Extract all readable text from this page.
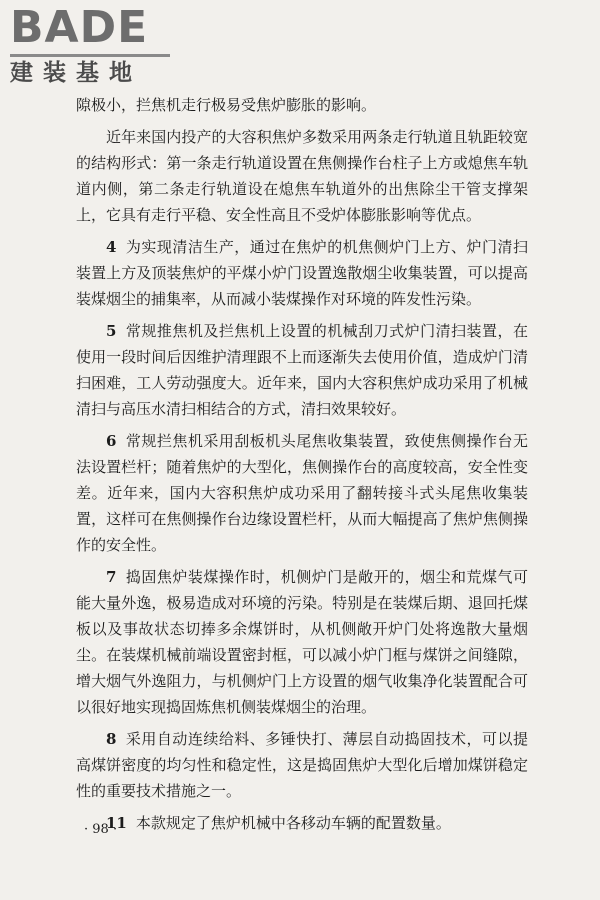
BADE
建装基地

隙极小，拦焦机走行极易受焦炉膨胀的影响。

近年来国内投产的大容积焦炉多数采用两条走行轨道且轨距较宽的结构形式：第一条走行轨道设置在焦侧操作台柱子上方或熄焦车轨道内侧，第二条走行轨道设在熄焦车轨道外的出焦除尘干管支撑架上，它具有走行平稳、安全性高且不受炉体膨胀影响等优点。

4 为实现清洁生产，通过在焦炉的机焦侧炉门上方、炉门清扫装置上方及顶装焦炉的平煤小炉门设置逸散烟尘收集装置，可以提高装煤烟尘的捕集率，从而减小装煤操作对环境的阵发性污染。

5 常规推焦机及拦焦机上设置的机械刮刀式炉门清扫装置，在使用一段时间后因维护清理跟不上而逐渐失去使用价值，造成炉门清扫困难，工人劳动强度大。近年来，国内大容积焦炉成功采用了机械清扫与高压水清扫相结合的方式，清扫效果较好。

6 常规拦焦机采用刮板机头尾焦收集装置，致使焦侧操作台无法设置栏杆；随着焦炉的大型化，焦侧操作台的高度较高，安全性变差。近年来，国内大容积焦炉成功采用了翻转接斗式头尾焦收集装置，这样可在焦侧操作台边缘设置栏杆，从而大幅提高了焦炉焦侧操作的安全性。

7 捣固焦炉装煤操作时，机侧炉门是敞开的，烟尘和荒煤气可能大量外逸，极易造成对环境的污染。特别是在装煤后期、退回托煤板以及事故状态切捧多余煤饼时，从机侧敞开炉门处将逸散大量烟尘。在装煤机械前端设置密封框，可以减小炉门框与煤饼之间缝隙，增大烟气外逸阻力，与机侧炉门上方设置的烟气收集净化装置配合可以很好地实现捣固炼焦机侧装煤烟尘的治理。

8 采用自动连续给料、多锤快打、薄层自动捣固技术，可以提高煤饼密度的均匀性和稳定性，这是捣固焦炉大型化后增加煤饼稳定性的重要技术措施之一。

11 本款规定了焦炉机械中各移动车辆的配置数量。

· 98 ·
